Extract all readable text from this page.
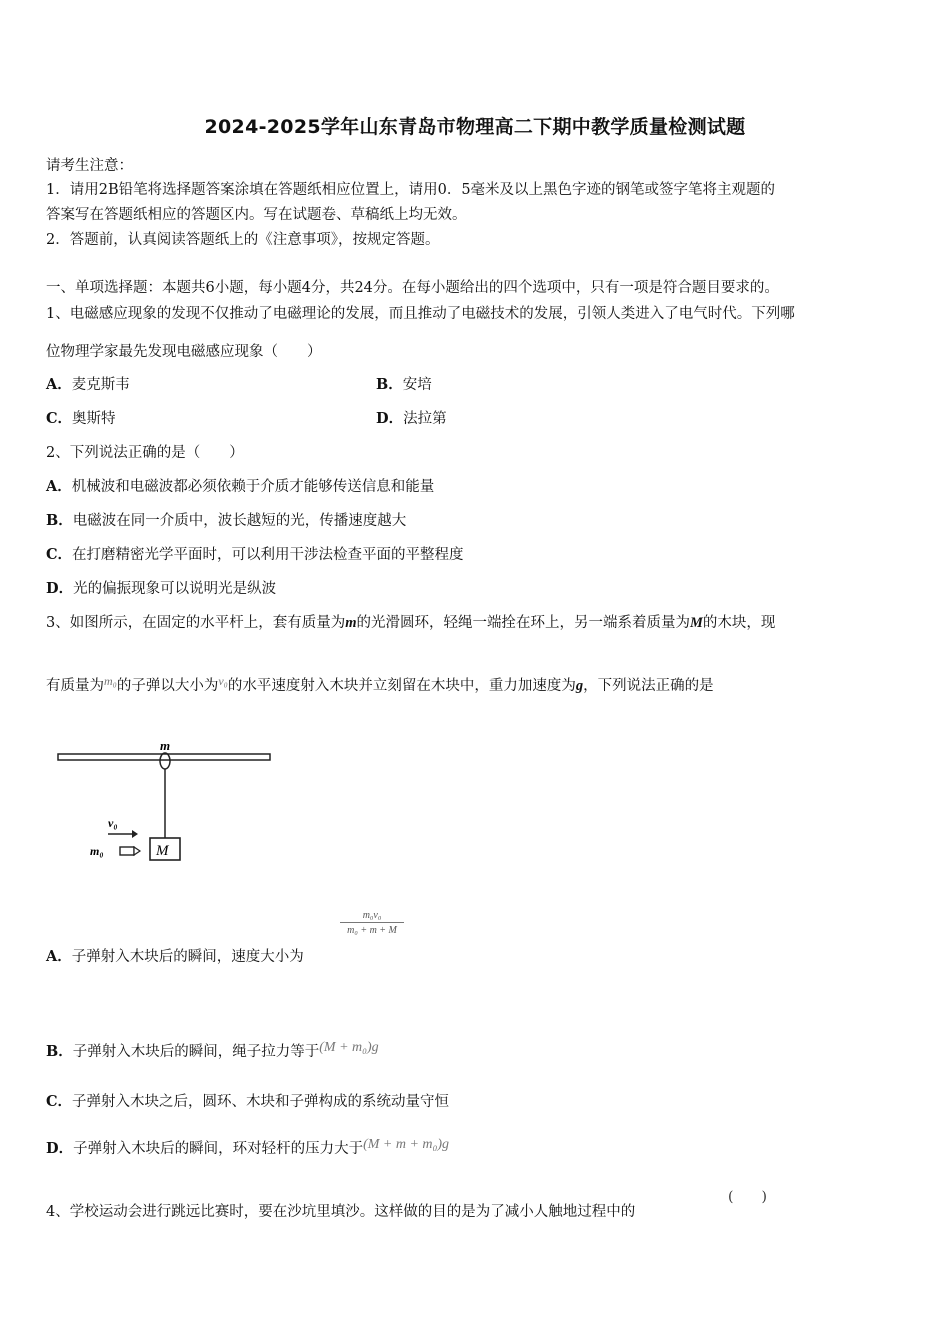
2024-2025学年山东青岛市物理高二下期中教学质量检测试题
请考生注意：
1．请用2B铅笔将选择题答案涂填在答题纸相应位置上，请用0．5毫米及以上黑色字迹的钢笔或签字笔将主观题的
答案写在答题纸相应的答题区内。写在试题卷、草稿纸上均无效。
2．答题前，认真阅读答题纸上的《注意事项》，按规定答题。
一、单项选择题：本题共6小题，每小题4分，共24分。在每小题给出的四个选项中，只有一项是符合题目要求的。
1、电磁感应现象的发现不仅推动了电磁理论的发展，而且推动了电磁技术的发展，引领人类进入了电气时代。下列哪
位物理学家最先发现电磁感应现象（　　）
A．麦克斯韦	B．安培
C．奥斯特	D．法拉第
2、下列说法正确的是（　　）
A．机械波和电磁波都必须依赖于介质才能够传送信息和能量
B．电磁波在同一介质中，波长越短的光，传播速度越大
C．在打磨精密光学平面时，可以利用干涉法检查平面的平整程度
D．光的偏振现象可以说明光是纵波
3、如图所示，在固定的水平杆上，套有质量为m的光滑圆环，轻绳一端拴在环上，另一端系着质量为M的木块，现
有质量为$^{m_0}$的子弹以大小为$^{v_0}$的水平速度射入木块并立刻留在木块中，重力加速度为g，下列说法正确的是
M
m
v₀
m₀
$\frac{\text{m₀v₀}}{\text{m₀ + m + M}}$
A．子弹射入木块后的瞬间，速度大小为
B．子弹射入木块后的瞬间，绳子拉力等于(M + m₀)g
C．子弹射入木块之后，圆环、木块和子弹构成的系统动量守恒
D．子弹射入木块后的瞬间，环对轻杆的压力大于(M + m + m₀)g
4、学校运动会进行跳远比赛时，要在沙坑里填沙。这样做的目的是为了减小人触地过程中的
(　　)
